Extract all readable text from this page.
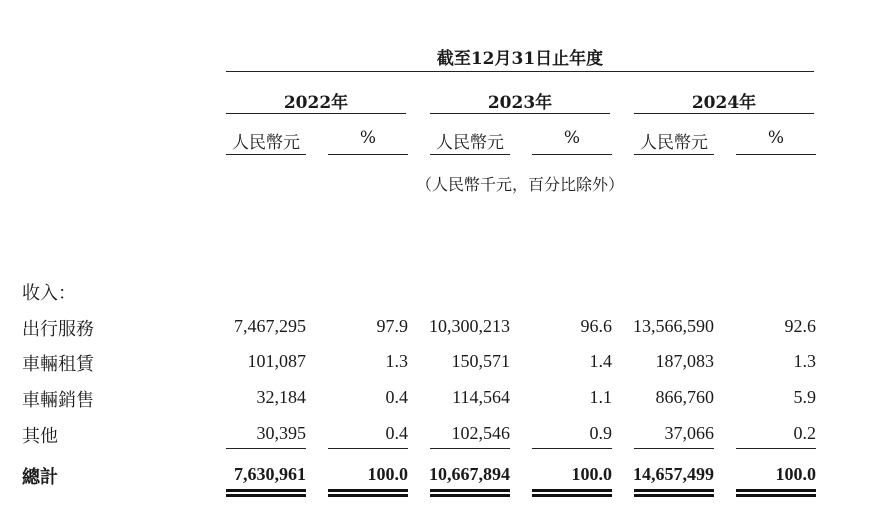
截至12月31日止年度
2022年	2023年	2024年
人民幣元	%	人民幣元	%	人民幣元	%
（人民幣千元，百分比除外）
收入：
出行服務	7,467,295	97.9	10,300,213	96.6	13,566,590	92.6
車輛租賃	101,087	1.3	150,571	1.4	187,083	1.3
車輛銷售	32,184	0.4	114,564	1.1	866,760	5.9
其他	30,395	0.4	102,546	0.9	37,066	0.2
總計	7,630,961	100.0	10,667,894	100.0	14,657,499	100.0
